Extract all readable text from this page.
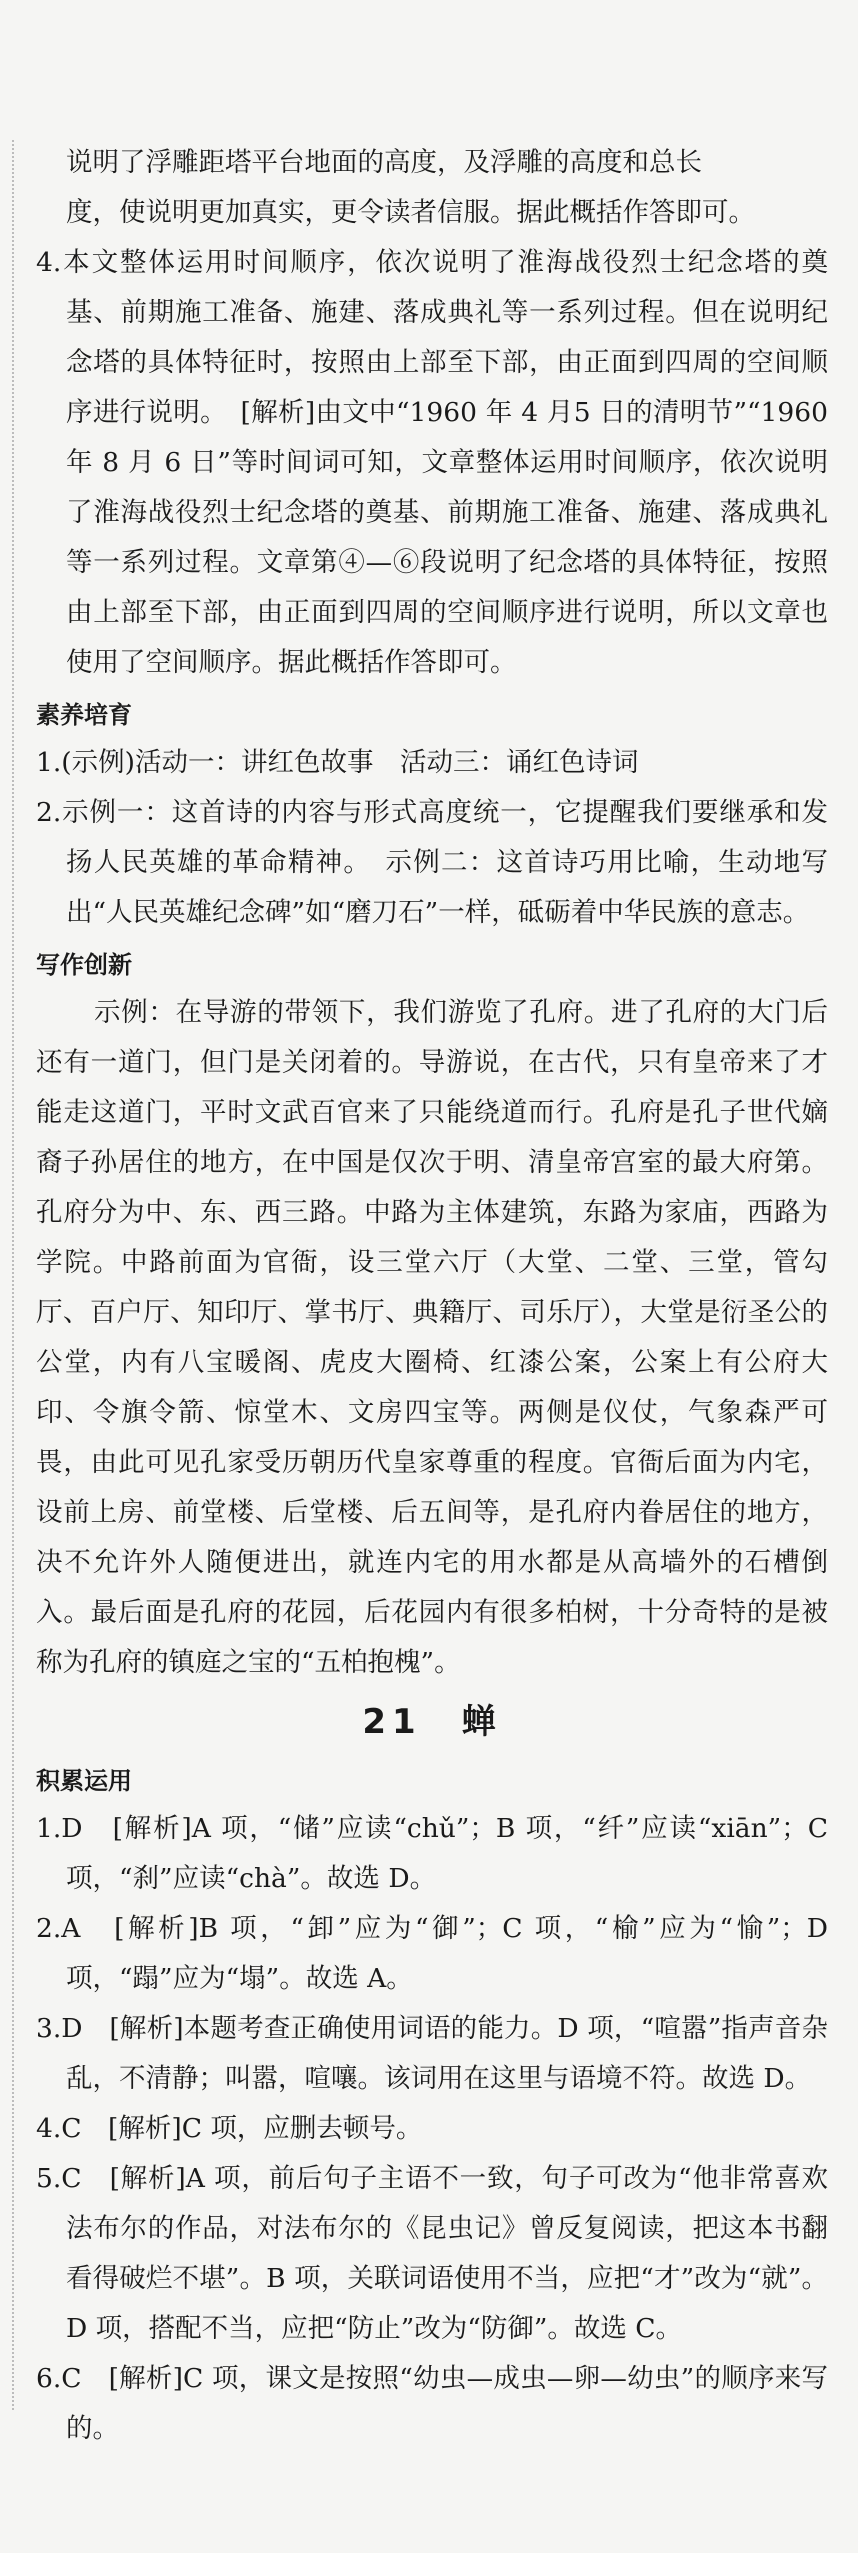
说明了浮雕距塔平台地面的高度，及浮雕的高度和总长

度，使说明更加真实，更令读者信服。据此概括作答即可。

4.本文整体运用时间顺序，依次说明了淮海战役烈士纪念塔的奠基、前期施工准备、施建、落成典礼等一系列过程。但在说明纪念塔的具体特征时，按照由上部至下部，由正面到四周的空间顺序进行说明。　[解析]由文中“1960 年 4 月5 日的清明节”“1960 年 8 月 6 日”等时间词可知，文章整体运用时间顺序，依次说明了淮海战役烈士纪念塔的奠基、前期施工准备、施建、落成典礼等一系列过程。文章第④—⑥段说明了纪念塔的具体特征，按照由上部至下部，由正面到四周的空间顺序进行说明，所以文章也使用了空间顺序。据此概括作答即可。

素养培育

1.(示例)活动一：讲红色故事　活动三：诵红色诗词

2.示例一：这首诗的内容与形式高度统一，它提醒我们要继承和发扬人民英雄的革命精神。　示例二：这首诗巧用比喻，生动地写出“人民英雄纪念碑”如“磨刀石”一样，砥砺着中华民族的意志。

写作创新

示例：在导游的带领下，我们游览了孔府。进了孔府的大门后还有一道门，但门是关闭着的。导游说，在古代，只有皇帝来了才能走这道门，平时文武百官来了只能绕道而行。孔府是孔子世代嫡裔子孙居住的地方，在中国是仅次于明、清皇帝宫室的最大府第。孔府分为中、东、西三路。中路为主体建筑，东路为家庙，西路为学院。中路前面为官衙，设三堂六厅（大堂、二堂、三堂，管勾厅、百户厅、知印厅、掌书厅、典籍厅、司乐厅），大堂是衍圣公的公堂，内有八宝暖阁、虎皮大圈椅、红漆公案，公案上有公府大印、令旗令箭、惊堂木、文房四宝等。两侧是仪仗，气象森严可畏，由此可见孔家受历朝历代皇家尊重的程度。官衙后面为内宅，设前上房、前堂楼、后堂楼、后五间等，是孔府内眷居住的地方，决不允许外人随便进出，就连内宅的用水都是从高墙外的石槽倒入。最后面是孔府的花园，后花园内有很多柏树，十分奇特的是被称为孔府的镇庭之宝的“五柏抱槐”。

21　蝉
积累运用

1.D　[解析]A 项，“储”应读“chǔ”；B 项，“纤”应读“xiān”；C 项，“刹”应读“chà”。故选 D。

2.A　[解析]B 项，“卸”应为“御”；C 项，“榆”应为“愉”；D 项，“蹋”应为“塌”。故选 A。

3.D　[解析]本题考查正确使用词语的能力。D 项，“喧嚣”指声音杂乱，不清静；叫嚣，喧嚷。该词用在这里与语境不符。故选 D。

4.C　[解析]C 项，应删去顿号。

5.C　[解析]A 项，前后句子主语不一致，句子可改为“他非常喜欢法布尔的作品，对法布尔的《昆虫记》曾反复阅读，把这本书翻看得破烂不堪”。B 项，关联词语使用不当，应把“才”改为“就”。D 项，搭配不当，应把“防止”改为“防御”。故选 C。

6.C　[解析]C 项，课文是按照“幼虫—成虫—卵—幼虫”的顺序来写的。
